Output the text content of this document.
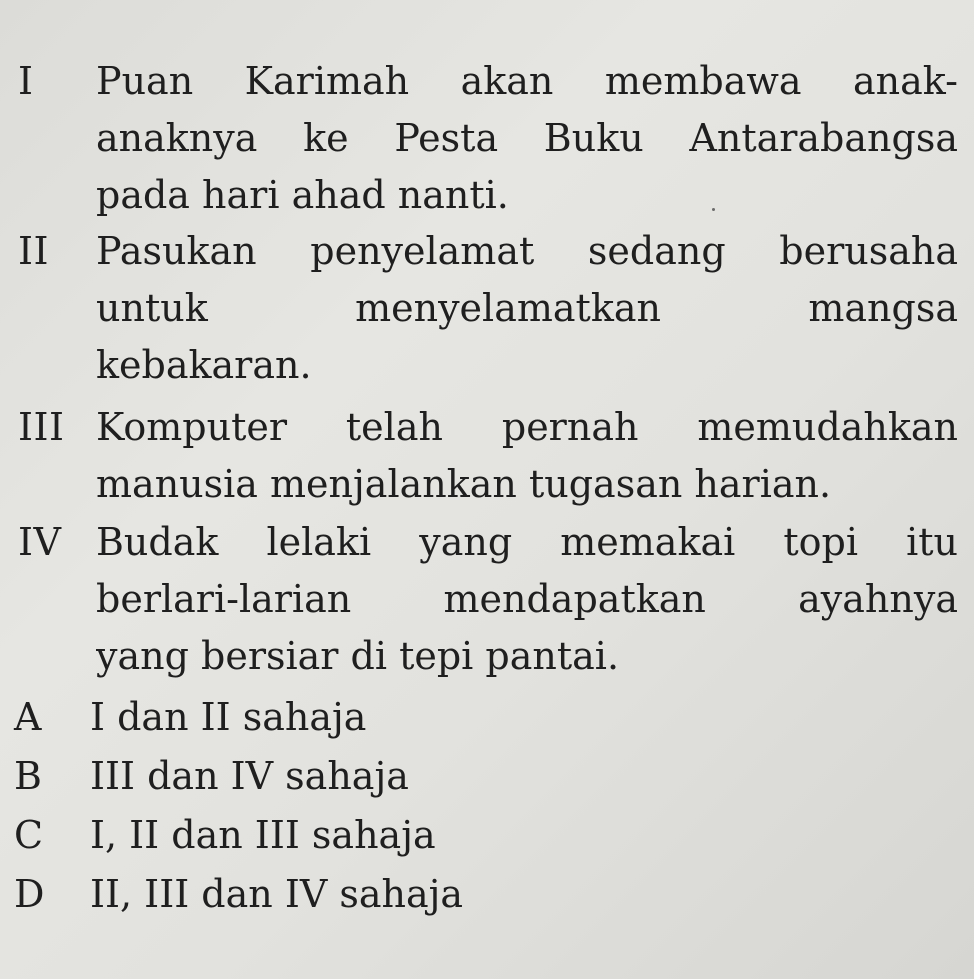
I Puan Karimah akan membawa anak-
anaknya ke Pesta Buku Antarabangsa
pada hari ahad nanti.
II Pasukan penyelamat sedang berusaha
untuk menyelamatkan mangsa
kebakaran.
III Komputer telah pernah memudahkan
manusia menjalankan tugasan harian.
IV Budak lelaki yang memakai topi itu
berlari-larian mendapatkan ayahnya
yang bersiar di tepi pantai.
A I dan II sahaja
B III dan IV sahaja
C I, II dan III sahaja
D II, III dan IV sahaja
